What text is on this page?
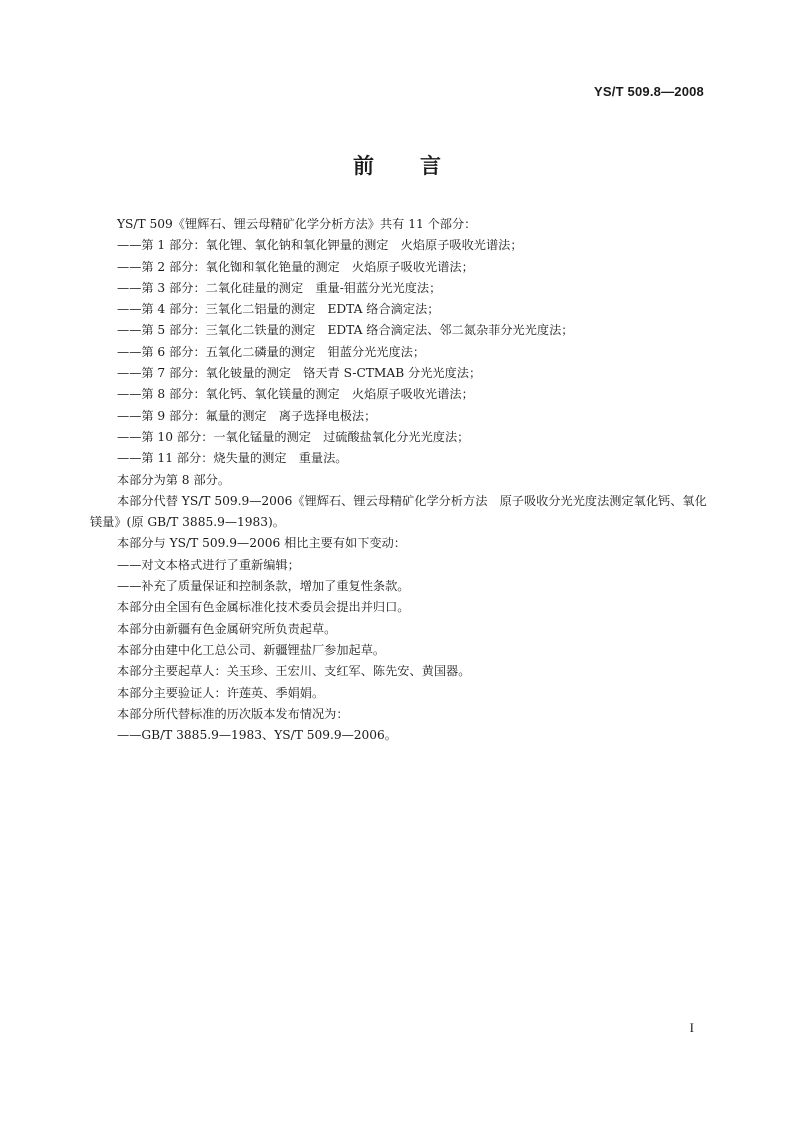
YS/T 509.8—2008
前言

YS/T 509《锂辉石、锂云母精矿化学分析方法》共有 11 个部分：

——第 1 部分：氧化锂、氧化钠和氧化钾量的测定　火焰原子吸收光谱法；

——第 2 部分：氧化铷和氧化铯量的测定　火焰原子吸收光谱法；

——第 3 部分：二氧化硅量的测定　重量-钼蓝分光光度法；

——第 4 部分：三氧化二铝量的测定　EDTA 络合滴定法；

——第 5 部分：三氧化二铁量的测定　EDTA 络合滴定法、邻二氮杂菲分光光度法；

——第 6 部分：五氧化二磷量的测定　钼蓝分光光度法；

——第 7 部分：氧化铍量的测定　铬天青 S-CTMAB 分光光度法；

——第 8 部分：氧化钙、氧化镁量的测定　火焰原子吸收光谱法；

——第 9 部分：氟量的测定　离子选择电极法；

——第 10 部分：一氧化锰量的测定　过硫酸盐氧化分光光度法；

——第 11 部分：烧失量的测定　重量法。

本部分为第 8 部分。

本部分代替 YS/T 509.9—2006《锂辉石、锂云母精矿化学分析方法　原子吸收分光光度法测定氧化钙、氧化镁量》(原 GB/T 3885.9—1983)。

本部分与 YS/T 509.9—2006 相比主要有如下变动：

——对文本格式进行了重新编辑；

——补充了质量保证和控制条款，增加了重复性条款。

本部分由全国有色金属标准化技术委员会提出并归口。

本部分由新疆有色金属研究所负责起草。

本部分由建中化工总公司、新疆锂盐厂参加起草。

本部分主要起草人：关玉珍、王宏川、支红军、陈先安、黄国器。

本部分主要验证人：许莲英、季娟娟。

本部分所代替标准的历次版本发布情况为：

——GB/T 3885.9—1983、YS/T 509.9—2006。

I
